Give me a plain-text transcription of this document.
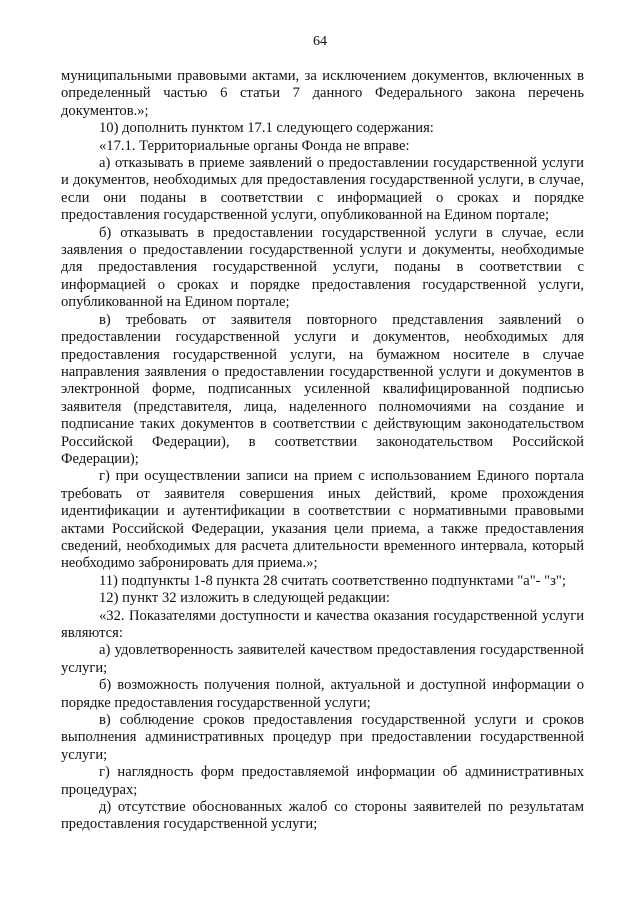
64

муниципальными правовыми актами, за исключением документов, включенных в определенный частью 6 статьи 7 данного Федерального закона перечень документов.»;

10) дополнить пунктом 17.1 следующего содержания:

«17.1. Территориальные органы Фонда не вправе:

а) отказывать в приеме заявлений о предоставлении государственной услуги и документов, необходимых для предоставления государственной услуги, в случае, если они поданы в соответствии с информацией о сроках и порядке предоставления государственной услуги, опубликованной на Едином портале;

б) отказывать в предоставлении государственной услуги в случае, если заявления о предоставлении государственной услуги и документы, необходимые для предоставления государственной услуги, поданы в соответствии с информацией о сроках и порядке предоставления государственной услуги, опубликованной на Едином портале;

в) требовать от заявителя повторного представления заявлений о предоставлении государственной услуги и документов, необходимых для предоставления государственной услуги, на бумажном носителе в случае направления заявления о предоставлении государственной услуги и документов в электронной форме, подписанных усиленной квалифицированной подписью заявителя (представителя, лица, наделенного полномочиями на создание и подписание таких документов в соответствии с действующим законодательством Российской Федерации), в соответствии законодательством Российской Федерации);

г) при осуществлении записи на прием с использованием Единого портала требовать от заявителя совершения иных действий, кроме прохождения идентификации и аутентификации в соответствии с нормативными правовыми актами Российской Федерации, указания цели приема, а также предоставления сведений, необходимых для расчета длительности временного интервала, который необходимо забронировать для приема.»;

11) подпункты 1-8 пункта 28 считать соответственно подпунктами "а"- "з";

12) пункт 32 изложить в следующей редакции:

«32. Показателями доступности и качества оказания государственной услуги являются:

а) удовлетворенность заявителей качеством предоставления государственной услуги;

б) возможность получения полной, актуальной и доступной информации о порядке предоставления государственной услуги;

в) соблюдение сроков предоставления государственной услуги и сроков выполнения административных процедур при предоставлении государственной услуги;

г) наглядность форм предоставляемой информации об административных процедурах;

д) отсутствие обоснованных жалоб со стороны заявителей по результатам предоставления государственной услуги;
